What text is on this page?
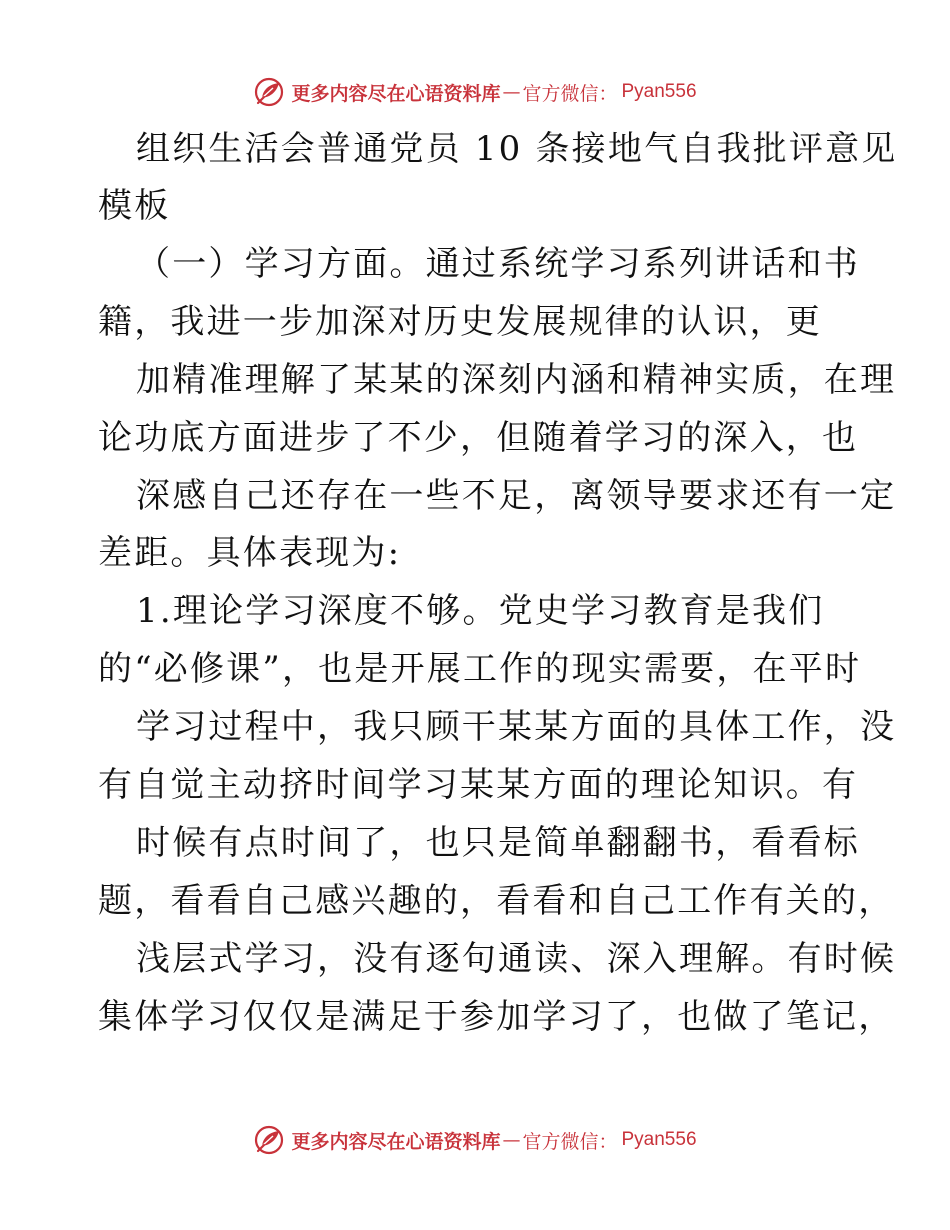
更多内容尽在心语资料库 — 官方微信： Pyan556
组织生活会普通党员 10 条接地气自我批评意见
模板
（一）学习方面。通过系统学习系列讲话和书
籍，我进一步加深对历史发展规律的认识，更
加精准理解了某某的深刻内涵和精神实质，在理
论功底方面进步了不少，但随着学习的深入，也
深感自己还存在一些不足，离领导要求还有一定
差距。具体表现为:
1.理论学习深度不够。党史学习教育是我们
的“必修课”，也是开展工作的现实需要，在平时
学习过程中，我只顾干某某方面的具体工作，没
有自觉主动挤时间学习某某方面的理论知识。有
时候有点时间了，也只是简单翻翻书，看看标
题，看看自己感兴趣的，看看和自己工作有关的，
浅层式学习，没有逐句通读、深入理解。有时候
集体学习仅仅是满足于参加学习了，也做了笔记，
更多内容尽在心语资料库 — 官方微信： Pyan556
